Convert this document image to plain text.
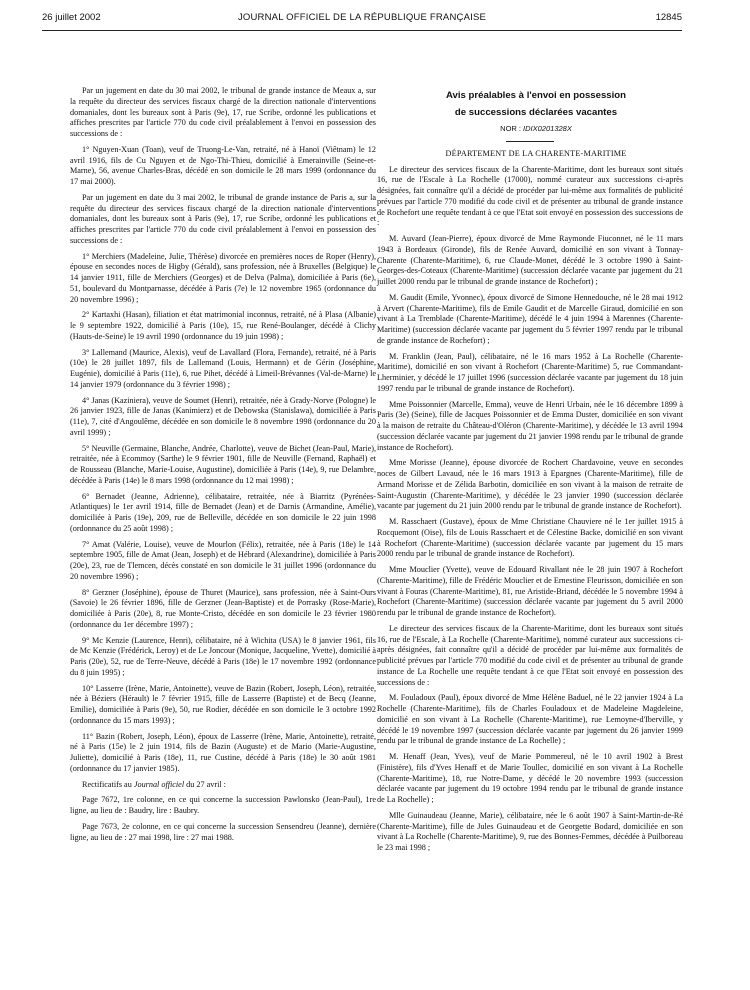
26 juillet 2002	JOURNAL OFFICIEL DE LA RÉPUBLIQUE FRANÇAISE	12845

Par un jugement en date du 30 mai 2002, le tribunal de grande instance de Meaux a, sur la requête du directeur des services fiscaux chargé de la direction nationale d'interventions domaniales, dont les bureaux sont à Paris (9e), 17, rue Scribe, ordonné les publications et affiches prescrites par l'article 770 du code civil préalablement à l'envoi en possession des successions de :

1° Nguyen-Xuan (Toan), veuf de Truong-Le-Van, retraité, né à Hanoï (Viêtnam) le 12 avril 1916, fils de Cu Nguyen et de Ngo-Thi-Thieu, domicilié à Emerainville (Seine-et-Marne), 56, avenue Charles-Bras, décédé en son domicile le 28 mars 1999 (ordonnance du 17 mai 2000).

Par un jugement en date du 3 mai 2002, le tribunal de grande instance de Paris a, sur la requête du directeur des services fiscaux chargé de la direction nationale d'interventions domaniales, dont les bureaux sont à Paris (9e), 17, rue Scribe, ordonné les publications et affiches prescrites par l'article 770 du code civil préalablement à l'envoi en possession des successions de :

1° Merchiers (Madeleine, Julie, Thérèse) divorcée en premières noces de Roper (Henry), épouse en secondes noces de Higby (Gérald), sans profession, née à Bruxelles (Belgique) le 14 janvier 1911, fille de Merchiers (Georges) et de Delva (Palma), domiciliée à Paris (6e), 51, boulevard du Montparnasse, décédée à Paris (7e) le 12 novembre 1965 (ordonnance du 20 novembre 1996) ;

2° Kartaxhi (Hasan), filiation et état matrimonial inconnus, retraité, né à Plasa (Albanie) le 9 septembre 1922, domicilié à Paris (10e), 15, rue René-Boulanger, décédé à Clichy (Hauts-de-Seine) le 19 avril 1990 (ordonnance du 19 juin 1998) ;

3° Lallemand (Maurice, Alexis), veuf de Lavallard (Flora, Fernande), retraité, né à Paris (10e) le 28 juillet 1897, fils de Lallemand (Louis, Hermann) et de Gérin (Joséphine, Eugénie), domicilié à Paris (11e), 6, rue Pihet, décédé à Limeil-Brévannes (Val-de-Marne) le 14 janvier 1979 (ordonnance du 3 février 1998) ;

4° Janas (Kaziniera), veuve de Soumet (Henri), retraitée, née à Grady-Norve (Pologne) le 26 janvier 1923, fille de Janas (Kanimierz) et de Debowska (Stanislawa), domiciliée à Paris (11e), 7, cité d'Angoulême, décédée en son domicile le 8 novembre 1998 (ordonnance du 20 avril 1999) ;

5° Neuville (Germaine, Blanche, Andrée, Charlotte), veuve de Bichet (Jean-Paul, Marie), retraitée, née à Ecommoy (Sarthe) le 9 février 1901, fille de Neuville (Fernand, Raphaël) et de Rousseau (Blanche, Marie-Louise, Augustine), domiciliée à Paris (14e), 9, rue Delambre, décédée à Paris (14e) le 8 mars 1998 (ordonnance du 12 mai 1998) ;

6° Bernadet (Jeanne, Adrienne), célibataire, retraitée, née à Biarritz (Pyrénées-Atlantiques) le 1er avril 1914, fille de Bernadet (Jean) et de Darnis (Armandine, Amélie), domiciliée à Paris (19e), 209, rue de Belleville, décédée en son domicile le 22 juin 1998 (ordonnance du 25 août 1998) ;

7° Amat (Valérie, Louise), veuve de Mourlon (Félix), retraitée, née à Paris (18e) le 14 septembre 1905, fille de Amat (Jean, Joseph) et de Hébrard (Alexandrine), domiciliée à Paris (20e), 23, rue de Tlemcen, décès constaté en son domicile le 31 juillet 1996 (ordonnance du 20 novembre 1996) ;

8° Gerzner (Joséphine), épouse de Thuret (Maurice), sans profession, née à Saint-Ours (Savoie) le 26 février 1896, fille de Gerzner (Jean-Baptiste) et de Porrasky (Rose-Marie), domiciliée à Paris (20e), 8, rue Monte-Cristo, décédée en son domicile le 23 février 1980 (ordonnance du 1er décembre 1997) ;

9° Mc Kenzie (Laurence, Henri), célibataire, né à Wichita (USA) le 8 janvier 1961, fils de Mc Kenzie (Frédérick, Leroy) et de Le Joncour (Monique, Jacqueline, Yvette), domicilié à Paris (20e), 52, rue de Terre-Neuve, décédé à Paris (18e) le 17 novembre 1992 (ordonnance du 8 juin 1995) ;

10° Lasserre (Irène, Marie, Antoinette), veuve de Bazin (Robert, Joseph, Léon), retraitée, née à Béziers (Hérault) le 7 février 1915, fille de Lasserre (Baptiste) et de Becq (Jeanne, Emilie), domiciliée à Paris (9e), 50, rue Rodier, décédée en son domicile le 3 octobre 1992 (ordonnance du 15 mars 1993) ;

11° Bazin (Robert, Joseph, Léon), époux de Lasserre (Irène, Marie, Antoinette), retraité, né à Paris (15e) le 2 juin 1914, fils de Bazin (Auguste) et de Mario (Marie-Augustine, Juliette), domicilié à Paris (18e), 11, rue Custine, décédé à Paris (18e) le 30 août 1981 (ordonnance du 17 janvier 1985).

Rectificatifs au Journal officiel du 27 avril :

Page 7672, 1re colonne, en ce qui concerne la succession Pawlonsko (Jean-Paul), 1re ligne, au lieu de : Baudry, lire : Baubry.

Page 7673, 2e colonne, en ce qui concerne la succession Sensendreu (Jeanne), dernière ligne, au lieu de : 27 mai 1998, lire : 27 mai 1988.

Avis préalables à l'envoi en possession

de successions déclarées vacantes

NOR : IDIX0201328X

DÉPARTEMENT DE LA CHARENTE-MARITIME

Le directeur des services fiscaux de la Charente-Maritime, dont les bureaux sont situés 16, rue de l'Escale à La Rochelle (17000), nommé curateur aux successions ci-après désignées, fait connaître qu'il a décidé de procéder par lui-même aux formalités de publicité prévues par l'article 770 modifié du code civil et de présenter au tribunal de grande instance de Rochefort une requête tendant à ce que l'Etat soit envoyé en possession des successions de :

M. Auvard (Jean-Pierre), époux divorcé de Mme Raymonde Fiuconnet, né le 11 mars 1943 à Bordeaux (Gironde), fils de Renée Auvard, domicilié en son vivant à Tonnay-Charente (Charente-Maritime), 6, rue Claude-Monet, décédé le 3 octobre 1990 à Saint-Georges-des-Coteaux (Charente-Maritime) (succession déclarée vacante par jugement du 21 juillet 2000 rendu par le tribunal de grande instance de Rochefort) ;

M. Gaudit (Emile, Yvonnec), époux divorcé de Simone Hennedouche, né le 28 mai 1912 à Arvert (Charente-Maritime), fils de Emile Gaudit et de Marcelle Giraud, domicilié en son vivant à La Tremblade (Charente-Maritime), décédé le 4 juin 1994 à Marennes (Charente-Maritime) (succession déclarée vacante par jugement du 5 février 1997 rendu par le tribunal de grande instance de Rochefort) ;

M. Franklin (Jean, Paul), célibataire, né le 16 mars 1952 à La Rochelle (Charente-Maritime), domicilié en son vivant à Rochefort (Charente-Maritime) 5, rue Commandant-Lherminier, y décédé le 17 juillet 1996 (succession déclarée vacante par jugement du 18 juin 1997 rendu par le tribunal de grande instance de Rochefort).

Mme Poissonnier (Marcelle, Emma), veuve de Henri Urbain, née le 16 décembre 1899 à Paris (3e) (Seine), fille de Jacques Poissonnier et de Emma Duster, domiciliée en son vivant à la maison de retraite du Château-d'Oléron (Charente-Maritime), y décédée le 13 avril 1994 (succession déclarée vacante par jugement du 21 janvier 1998 rendu par le tribunal de grande instance de Rochefort).

Mme Morisse (Jeanne), épouse divorcée de Rochert Chardavoine, veuve en secondes noces de Gilbert Lavaud, née le 16 mars 1913 à Epargnes (Charente-Maritime), fille de Armand Morisse et de Zélida Barbotin, domiciliée en son vivant à la maison de retraite de Saint-Augustin (Charente-Maritime), y décédée le 23 janvier 1990 (succession déclarée vacante par jugement du 21 juin 2000 rendu par le tribunal de grande instance de Rochefort).

M. Rasschaert (Gustave), époux de Mme Christiane Chauviere né le 1er juillet 1915 à Rocquemont (Oise), fils de Louis Rasschaert et de Célestine Backe, domicilié en son vivant à Rochefort (Charente-Maritime) (succession déclarée vacante par jugement du 15 mars 2000 rendu par le tribunal de grande instance de Rochefort).

Mme Mouclier (Yvette), veuve de Edouard Rivallant née le 28 juin 1907 à Rochefort (Charente-Maritime), fille de Frédéric Mouclier et de Ernestine Fleurisson, domiciliée en son vivant à Fouras (Charente-Maritime), 81, rue Aristide-Briand, décédée le 5 novembre 1994 à Rochefort (Charente-Maritime) (succession déclarée vacante par jugement du 5 avril 2000 rendu par le tribunal de grande instance de Rochefort).

Le directeur des services fiscaux de la Charente-Maritime, dont les bureaux sont situés 16, rue de l'Escale, à La Rochelle (Charente-Maritime), nommé curateur aux successions ci-après désignées, fait connaître qu'il a décidé de procéder par lui-même aux formalités de publicité prévues par l'article 770 modifié du code civil et de présenter au tribunal de grande instance de La Rochelle une requête tendant à ce que l'Etat soit envoyé en possession des successions de :

M. Fouladoux (Paul), époux divorcé de Mme Hélène Baduel, né le 22 janvier 1924 à La Rochelle (Charente-Maritime), fils de Charles Fouladoux et de Madeleine Magdeleine, domicilié en son vivant à La Rochelle (Charente-Maritime), rue Lemoyne-d'Iberville, y décédé le 19 novembre 1997 (succession déclarée vacante par jugement du 26 janvier 1999 rendu par le tribunal de grande instance de La Rochelle) ;

M. Henaff (Jean, Yves), veuf de Marie Pommereul, né le 10 avril 1902 à Brest (Finistère), fils d'Yves Henaff et de Marie Toullec, domicilié en son vivant à La Rochelle (Charente-Maritime), 18, rue Notre-Dame, y décédé le 20 novembre 1993 (succession déclarée vacante par jugement du 19 octobre 1994 rendu par le tribunal de grande instance de La Rochelle) ;

Mlle Guinaudeau (Jeanne, Marie), célibataire, née le 6 août 1907 à Saint-Martin-de-Ré (Charente-Maritime), fille de Jules Guinaudeau et de Georgette Bodard, domiciliée en son vivant à La Rochelle (Charente-Maritime), 9, rue des Bonnes-Femmes, décédée à Puilboreau le 23 mai 1998 ;
